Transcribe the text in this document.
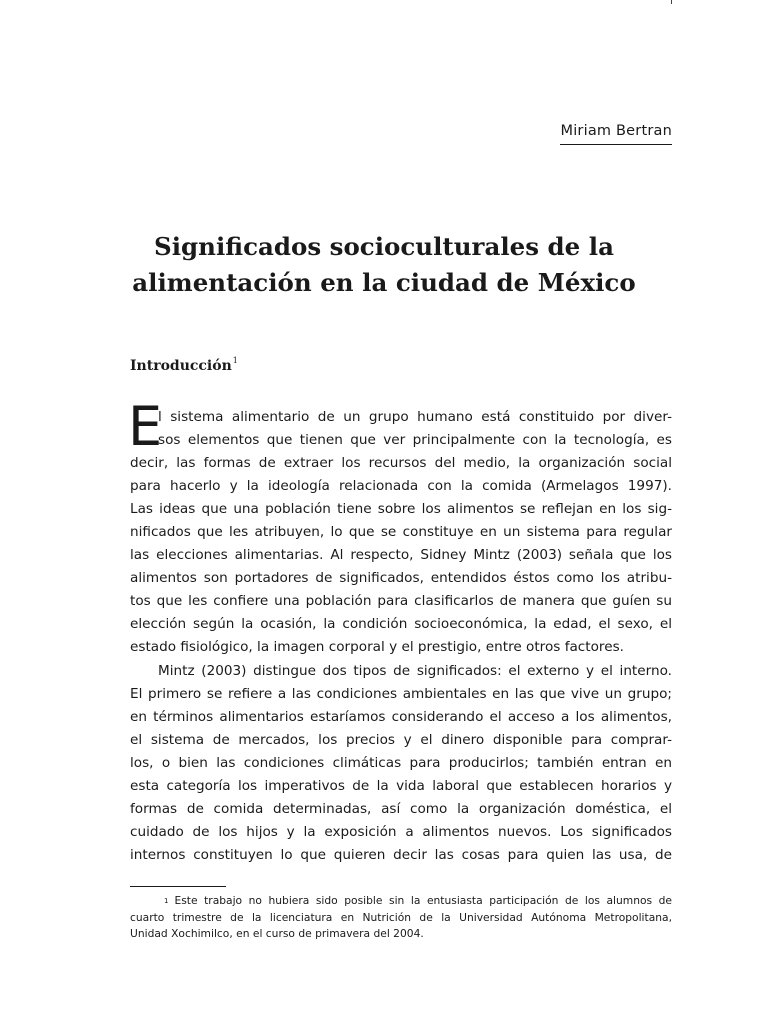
Miriam Bertran
Significados socioculturales de la
alimentación en la ciudad de México
Introducción$^1$
E
l sistema alimentario de un grupo humano está constituido por diver-
sos elementos que tienen que ver principalmente con la tecnología, es
decir, las formas de extraer los recursos del medio, la organización social
para hacerlo y la ideología relacionada con la comida (Armelagos 1997).
Las ideas que una población tiene sobre los alimentos se reflejan en los sig-
nificados que les atribuyen, lo que se constituye en un sistema para regular
las elecciones alimentarias. Al respecto, Sidney Mintz (2003) señala que los
alimentos son portadores de significados, entendidos éstos como los atribu-
tos que les confiere una población para clasificarlos de manera que guíen su
elección según la ocasión, la condición socioeconómica, la edad, el sexo, el
estado fisiológico, la imagen corporal y el prestigio, entre otros factores.
Mintz (2003) distingue dos tipos de significados: el externo y el interno.
El primero se refiere a las condiciones ambientales en las que vive un grupo;
en términos alimentarios estaríamos considerando el acceso a los alimentos,
el sistema de mercados, los precios y el dinero disponible para comprar-
los, o bien las condiciones climáticas para producirlos; también entran en
esta categoría los imperativos de la vida laboral que establecen horarios y
formas de comida determinadas, así como la organización doméstica, el
cuidado de los hijos y la exposición a alimentos nuevos. Los significados
internos constituyen lo que quieren decir las cosas para quien las usa, de
$^1$ Este trabajo no hubiera sido posible sin la entusiasta participación de los alumnos de
cuarto trimestre de la licenciatura en Nutrición de la Universidad Autónoma Metropolitana,
Unidad Xochimilco, en el curso de primavera del 2004.
